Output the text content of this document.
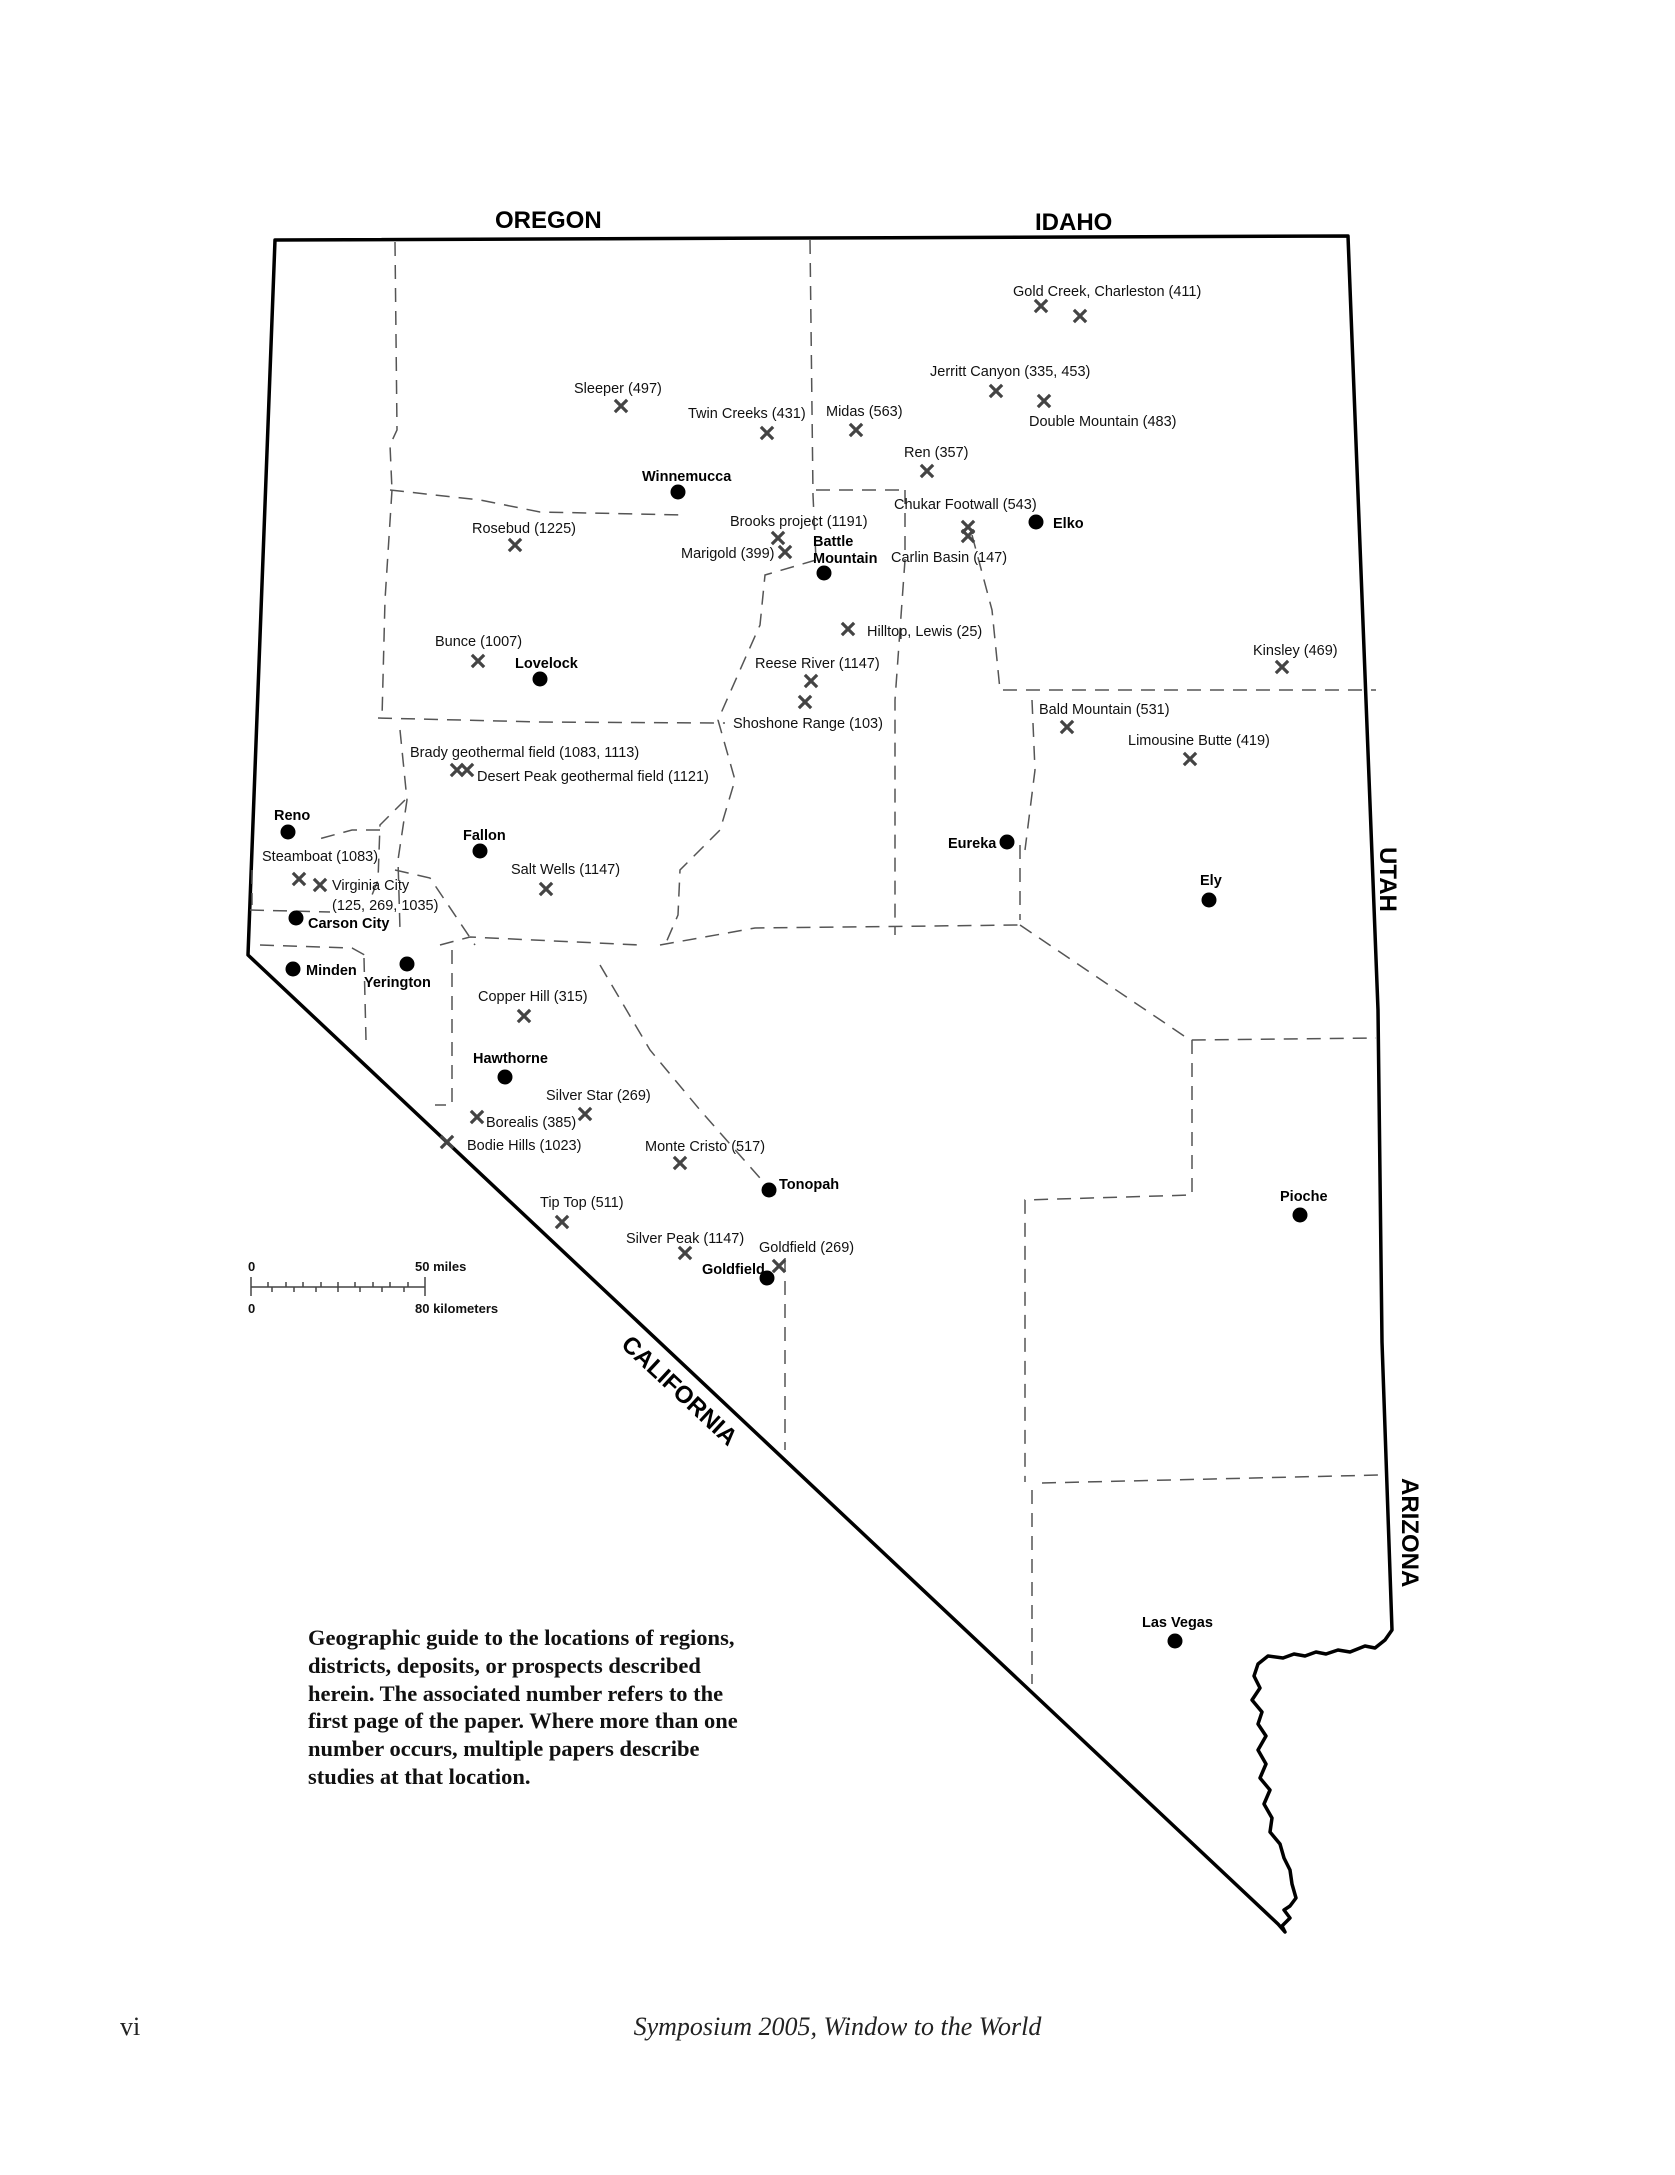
OREGON	IDAHO
UTAH
ARIZONA
CALIFORNIA
Winnemucca
Elko
Battle
Mountain
Lovelock
Reno
Fallon
Carson City
Minden
Yerington
Eureka
Ely
Hawthorne
Tonopah
Goldfield
Pioche
Las Vegas
Gold Creek, Charleston (411)
Jerritt Canyon (335, 453)
Double Mountain (483)
Sleeper (497)
Twin Creeks (431) Midas (563)
Ren (357)
Chukar Footwall (543)
Carlin Basin (147)
Brooks project (1191)
Marigold (399)
Rosebud (1225)
Hilltop, Lewis (25)
Kinsley (469)
Bunce (1007)
Reese River (1147)
Shoshone Range (103)
Bald Mountain (531)
Limousine Butte (419)
Brady geothermal field (1083, 1113)
Desert Peak geothermal field (1121)
Steamboat (1083)
Virginia City
(125, 269, 1035)
Salt Wells (1147)
Copper Hill (315)
Silver Star (269)
Borealis (385)
Bodie Hills (1023)	Monte Cristo (517)
Tip Top (511)
Silver Peak (1147)
Goldfield (269)
0	50 miles
0	80 kilometers
Geographic guide to the locations of regions, districts, deposits, or prospects described herein. The associated number refers to the first page of the paper. Where more than one number occurs, multiple papers describe studies at that location.
vi	Symposium 2005, Window to the World
